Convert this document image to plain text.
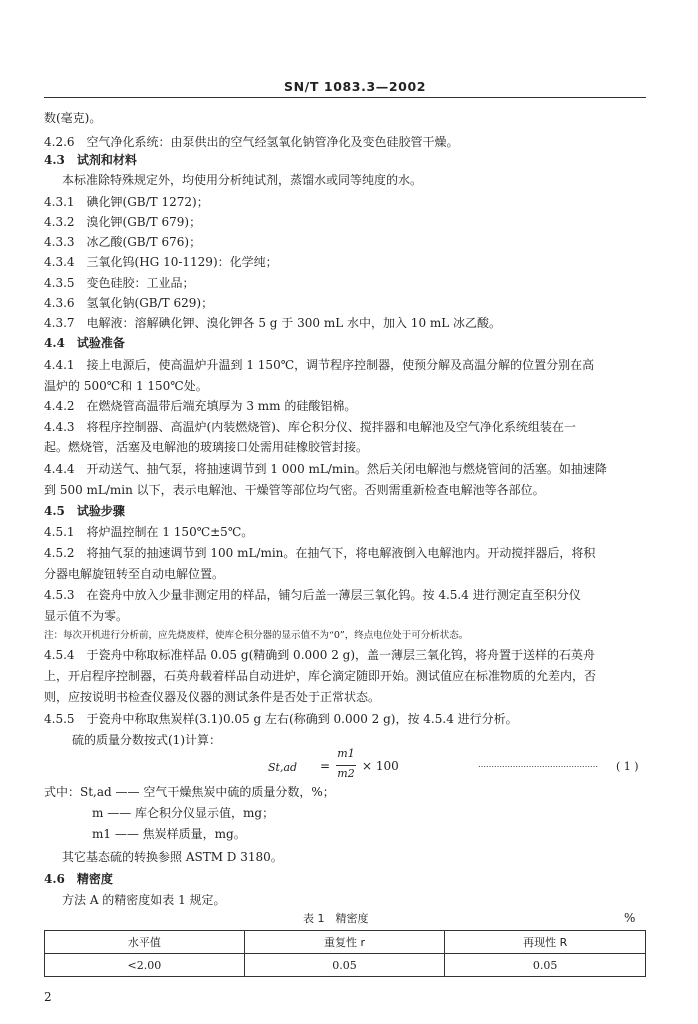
SN/T 1083.3—2002
数(毫克)。
4.2.6　空气净化系统：由泵供出的空气经氢氧化钠管净化及变色硅胶管干燥。
4.3　试剂和材料
本标准除特殊规定外，均使用分析纯试剂，蒸馏水或同等纯度的水。
4.3.1　碘化钾(GB/T 1272)；
4.3.2　溴化钾(GB/T 679)；
4.3.3　冰乙酸(GB/T 676)；
4.3.4　三氧化钨(HG 10-1129)：化学纯；
4.3.5　变色硅胶：工业品；
4.3.6　氢氧化钠(GB/T 629)；
4.3.7　电解液：溶解碘化钾、溴化钾各 5 g 于 300 mL 水中，加入 10 mL 冰乙酸。
4.4　试验准备
4.4.1　接上电源后，使高温炉升温到 1 150℃，调节程序控制器，使预分解及高温分解的位置分别在高
温炉的 500℃和 1 150℃处。
4.4.2　在燃烧管高温带后端充填厚为 3 mm 的硅酸铝棉。
4.4.3　将程序控制器、高温炉(内装燃烧管)、库仑积分仪、搅拌器和电解池及空气净化系统组装在一
起。燃烧管，活塞及电解池的玻璃接口处需用硅橡胶管封接。
4.4.4　开动送气、抽气泵，将抽速调节到 1 000 mL/min。然后关闭电解池与燃烧管间的活塞。如抽速降
到 500 mL/min 以下，表示电解池、干燥管等部位均气密。否则需重新检查电解池等各部位。
4.5　试验步骤
4.5.1　将炉温控制在 1 150℃±5℃。
4.5.2　将抽气泵的抽速调节到 100 mL/min。在抽气下，将电解液倒入电解池内。开动搅拌器后，将积
分器电解旋钮转至自动电解位置。
4.5.3　在瓷舟中放入少量非测定用的样品，铺匀后盖一薄层三氧化钨。按 4.5.4 进行测定直至积分仪
显示值不为零。
注：每次开机进行分析前，应先烧废样，使库仑积分器的显示值不为“0”，终点电位处于可分析状态。
4.5.4　于瓷舟中称取标准样品 0.05 g(精确到 0.000 2 g)，盖一薄层三氧化钨，将舟置于送样的石英舟
上，开启程序控制器，石英舟载着样品自动进炉，库仑滴定随即开始。测试值应在标准物质的允差内，否
则，应按说明书检查仪器及仪器的测试条件是否处于正常状态。
4.5.5　于瓷舟中称取焦炭样(3.1)0.05 g 左右(称确到 0.000 2 g)，按 4.5.4 进行分析。
硫的质量分数按式(1)计算：
St,ad =
m1
m2
× 100	………………………………………	( 1 )
式中：St,ad —— 空气干燥焦炭中硫的质量分数，%；
m —— 库仑积分仪显示值，mg；
m1 —— 焦炭样质量，mg。
其它基态硫的转换参照 ASTM D 3180。
4.6　精密度
方法 A 的精密度如表 1 规定。
表 1　精密度	%
水平值	重复性 r	再现性 R
<2.00	0.05	0.05
2
